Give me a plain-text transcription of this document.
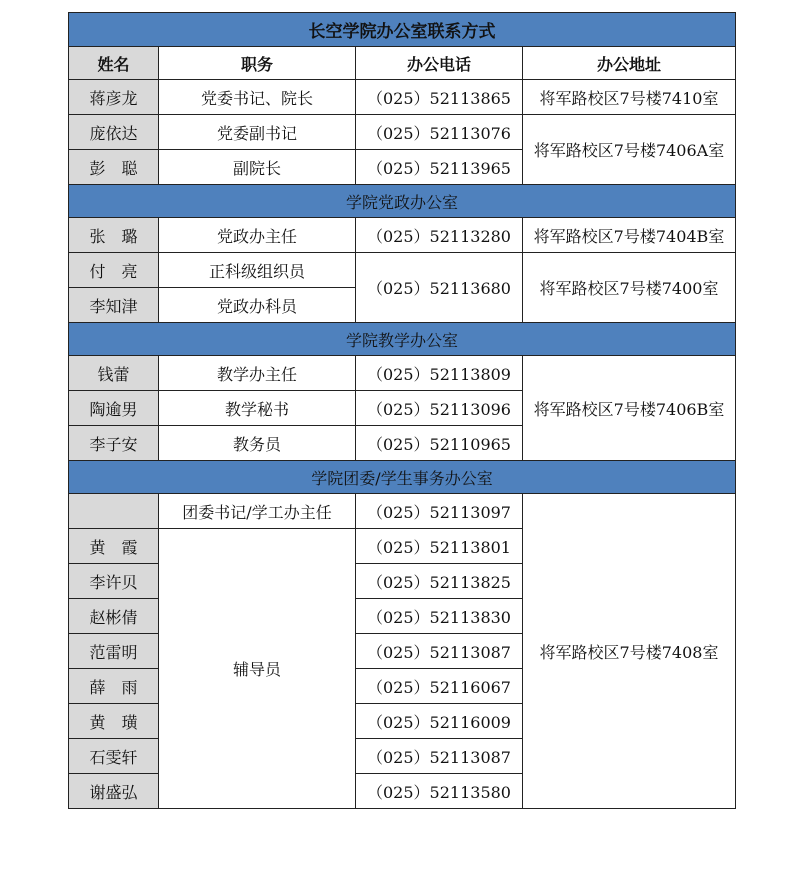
长空学院办公室联系方式			
姓名	职务	办公电话	办公地址
蒋彦龙	党委书记、院长	（025）52113865	将军路校区7号楼7410室
庞依达	党委副书记	（025）52113076	将军路校区7号楼7406A室
彭　聪	副院长	（025）52113965	
学院党政办公室			
张　璐	党政办主任	（025）52113280	将军路校区7号楼7404B室
付　亮	正科级组织员	（025）52113680	将军路校区7号楼7400室
李知津	党政办科员		
学院教学办公室			
钱蕾	教学办主任	（025）52113809	将军路校区7号楼7406B室
陶逾男	教学秘书	（025）52113096	
李子安	教务员	（025）52110965	
学院团委/学生事务办公室			
	团委书记/学工办主任	（025）52113097	将军路校区7号楼7408室
黄　霞	辅导员	（025）52113801	
李许贝		（025）52113825	
赵彬倩		（025）52113830	
范雷明		（025）52113087	
薛　雨		（025）52116067	
黄　璜		（025）52116009	
石雯轩		（025）52113087	
谢盛弘		（025）52113580	
